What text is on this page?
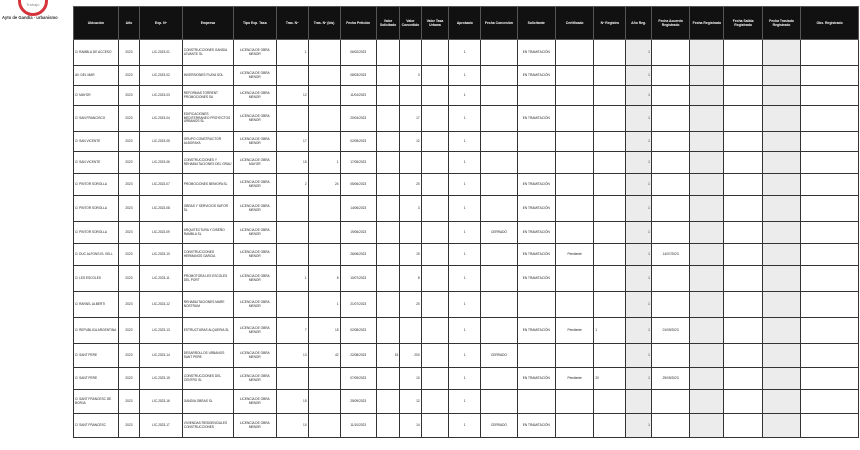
Trabajo
Ayto de Gandía · urbanismo
Ubicación	Año	Exp. Nº	Empresa	Tipo Exp. Tasa	Tras. Nº	Tras. Nº (bis)	Fecha Petición	Valor Solicitado	Valor Concedido	Valor Tasa Urbana	Aprobado	Fecha Concesión	Solicitante	Certificado	Nº Registro	Año Reg.	Fecha Acuerdo Registrado	Fecha Registrado	Fecha Salida Registrado	Fecha Traslado Registrado	Obs. Registrado
C/ RAMBLA DE ACCESO	2023	LIC-2023-01	CONSTRUCCIONES GANDIA LEVANTE SL	LICENCIA DE OBRA MENOR	1		06/02/2023				1		EN TRAMITACIÓN			1					
AV. DEL MAR	2023	LIC-2023-02	INVERSIONES PLAYA SOL	LICENCIA DE OBRA MENOR			08/03/2023		3		1		EN TRAMITACIÓN			1					
C/ MAYOR	2023	LIC-2023-03	REFORMAS TORRENT PROMOCIONES SA	LICENCIA DE OBRA MENOR	12		11/04/2023				1					1					
C/ SAN FRANCISCO	2023	LIC-2023-04	EDIFICACIONES MEDITERRANEO PROYECTOS URBANOS SL	LICENCIA DE OBRA MENOR			20/04/2023		17		1		EN TRAMITACIÓN			1					
C/ SAN VICENTE	2023	LIC-2023-05	GRUPO CONSTRUCTOR ALBORAYA	LICENCIA DE OBRA MENOR	17		02/05/2023		12		1					1					
C/ SAN VICENTE	2023	LIC-2023-06	CONSTRUCCIONES Y REHABILITACIONES DEL GRAU	LICENCIA DE OBRA MAYOR	15	1	17/05/2023				1					1					
C/ PINTOR SOROLLA	2023	LIC-2023-07	PROMOCIONES BENIOPA SL	LICENCIA DE OBRA MENOR	2	24	05/06/2023		20		1		EN TRAMITACIÓN			1					
C/ PINTOR SOROLLA	2023	LIC-2023-08	OBRAS Y SERVICIOS SAFOR SL	LICENCIA DE OBRA MENOR			14/06/2023		3		1		EN TRAMITACIÓN			1					
C/ PINTOR SOROLLA	2023	LIC-2023-09	ARQUITECTURA Y DISEÑO RAMBLA SL	LICENCIA DE OBRA MENOR			19/06/2023				1	CERRADO	EN TRAMITACIÓN			1					
C/ DUC ALFONS EL VELL	2023	LIC-2023-10	CONSTRUCCIONES HERMANOS GARCIA	LICENCIA DE OBRA MENOR			26/06/2023		19		1		EN TRAMITACIÓN	Pendiente		1	14/07/2023				
C/ LES ESCOLES	2023	LIC-2023-11	PROMOTORA LES ESCOLES DEL PORT	LICENCIA DE OBRA MENOR	1	8	10/07/2023		8		1		EN TRAMITACIÓN			1					
C/ RAFAEL ALBERTI	2023	LIC-2023-12	REHABILITACIONES MARE NOSTRUM	LICENCIA DE OBRA MENOR		1	21/07/2023		20		1					1					
C/ REPUBLICA ARGENTINA	2023	LIC-2023-13	ESTRUCTURAS ALQUERIA SL	LICENCIA DE OBRA MENOR	7	15	02/08/2023				1		EN TRAMITACIÓN	Pendiente	1	1	01/09/2023				
C/ SANT PERE	2023	LIC-2023-14	DESARROLLOS URBANOS SANT PERE	LICENCIA DE OBRA MENOR	13	42	22/08/2023	15	200		1	CERRADO				1					
C/ SANT PERE	2023	LIC-2023-15	CONSTRUCCIONES DEL CENTRO SL	LICENCIA DE OBRA MENOR			07/09/2023		10		1		EN TRAMITACIÓN	Pendiente	20	1	29/09/2023				
C/ SANT FRANCESC DE BORJA	2023	LIC-2023-16	GANDIA OBRAS SL	LICENCIA DE OBRA MENOR	15		25/09/2023		12		1										
C/ SANT FRANCESC	2023	LIC-2023-17	VIVIENDAS RESIDENCIALES CONSTRUCCIONES	LICENCIA DE OBRA MENOR	10		11/10/2023		14		1	CERRADO	EN TRAMITACIÓN			1					
